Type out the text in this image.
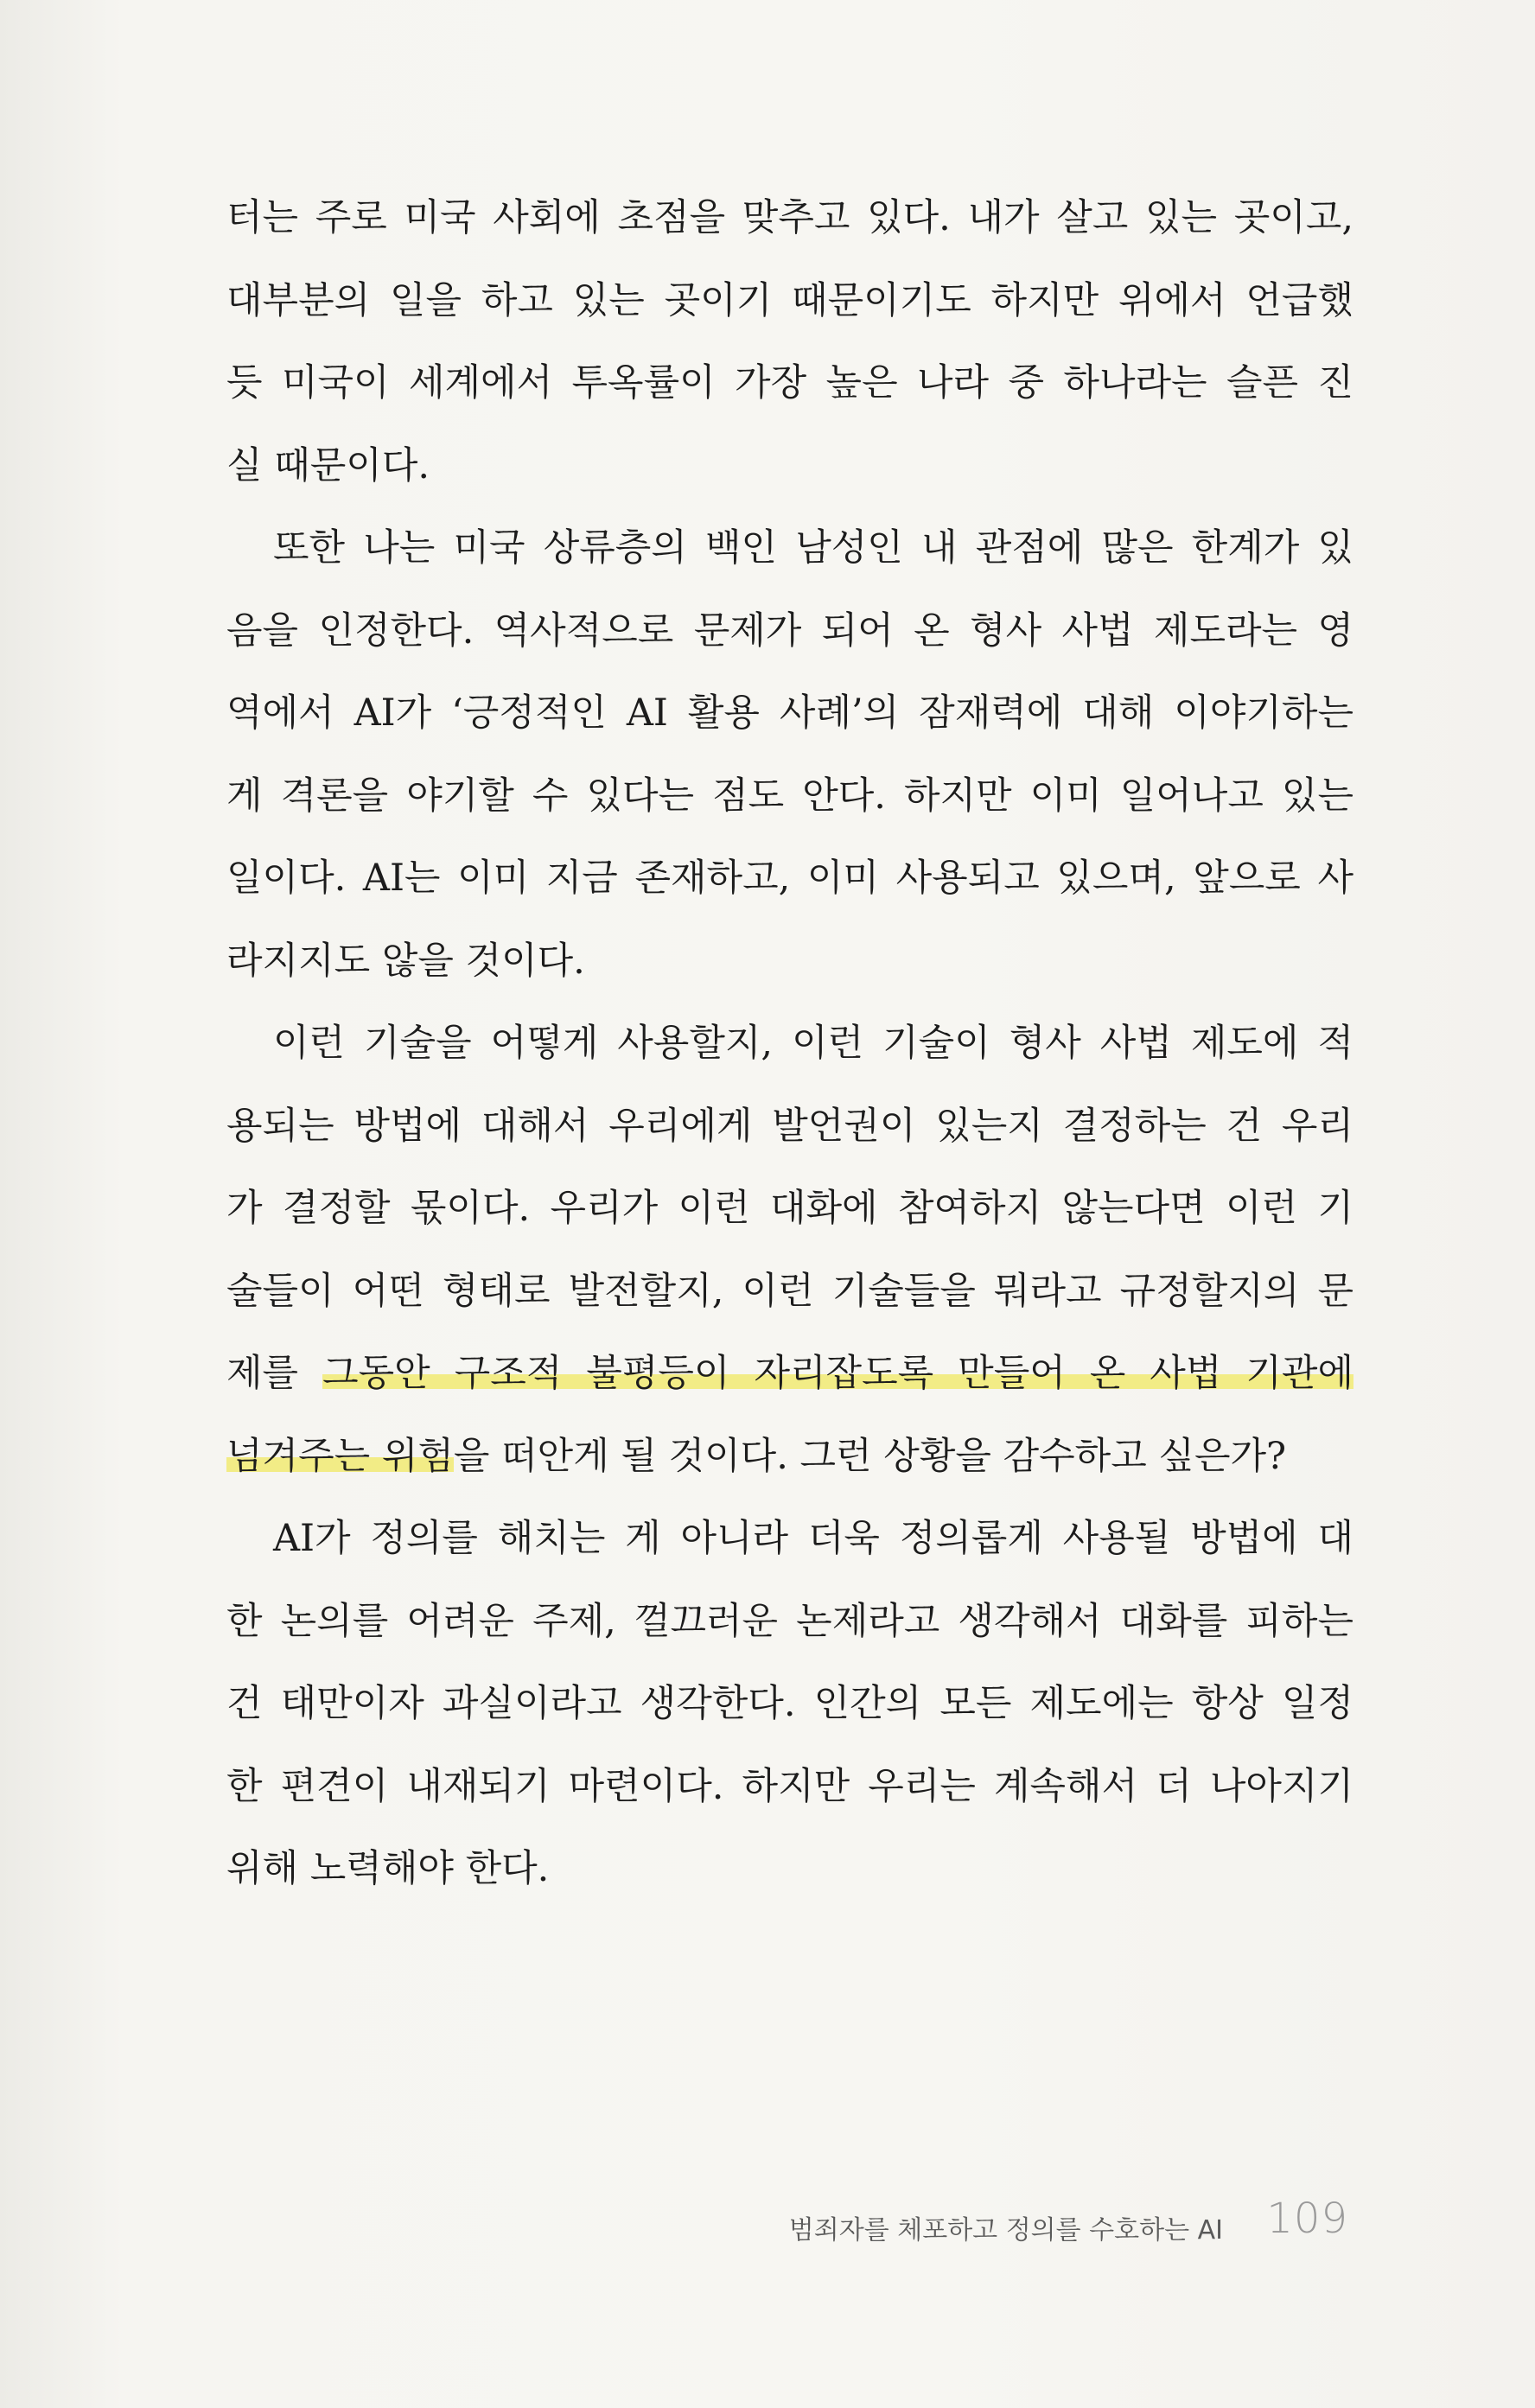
터는 주로 미국 사회에 초점을 맞추고 있다. 내가 살고 있는 곳이고,
대부분의 일을 하고 있는 곳이기 때문이기도 하지만 위에서 언급했
듯 미국이 세계에서 투옥률이 가장 높은 나라 중 하나라는 슬픈 진
실 때문이다.
또한 나는 미국 상류층의 백인 남성인 내 관점에 많은 한계가 있
음을 인정한다. 역사적으로 문제가 되어 온 형사 사법 제도라는 영
역에서 AI가 ‘긍정적인 AI 활용 사례’의 잠재력에 대해 이야기하는
게 격론을 야기할 수 있다는 점도 안다. 하지만 이미 일어나고 있는
일이다. AI는 이미 지금 존재하고, 이미 사용되고 있으며, 앞으로 사
라지지도 않을 것이다.
이런 기술을 어떻게 사용할지, 이런 기술이 형사 사법 제도에 적
용되는 방법에 대해서 우리에게 발언권이 있는지 결정하는 건 우리
가 결정할 몫이다. 우리가 이런 대화에 참여하지 않는다면 이런 기
술들이 어떤 형태로 발전할지, 이런 기술들을 뭐라고 규정할지의 문
제를 그동안 구조적 불평등이 자리잡도록 만들어 온 사법 기관에
넘겨주는 위험을 떠안게 될 것이다. 그런 상황을 감수하고 싶은가?
AI가 정의를 해치는 게 아니라 더욱 정의롭게 사용될 방법에 대
한 논의를 어려운 주제, 껄끄러운 논제라고 생각해서 대화를 피하는
건 태만이자 과실이라고 생각한다. 인간의 모든 제도에는 항상 일정
한 편견이 내재되기 마련이다. 하지만 우리는 계속해서 더 나아지기
위해 노력해야 한다.
범죄자를 체포하고 정의를 수호하는 AI 109
